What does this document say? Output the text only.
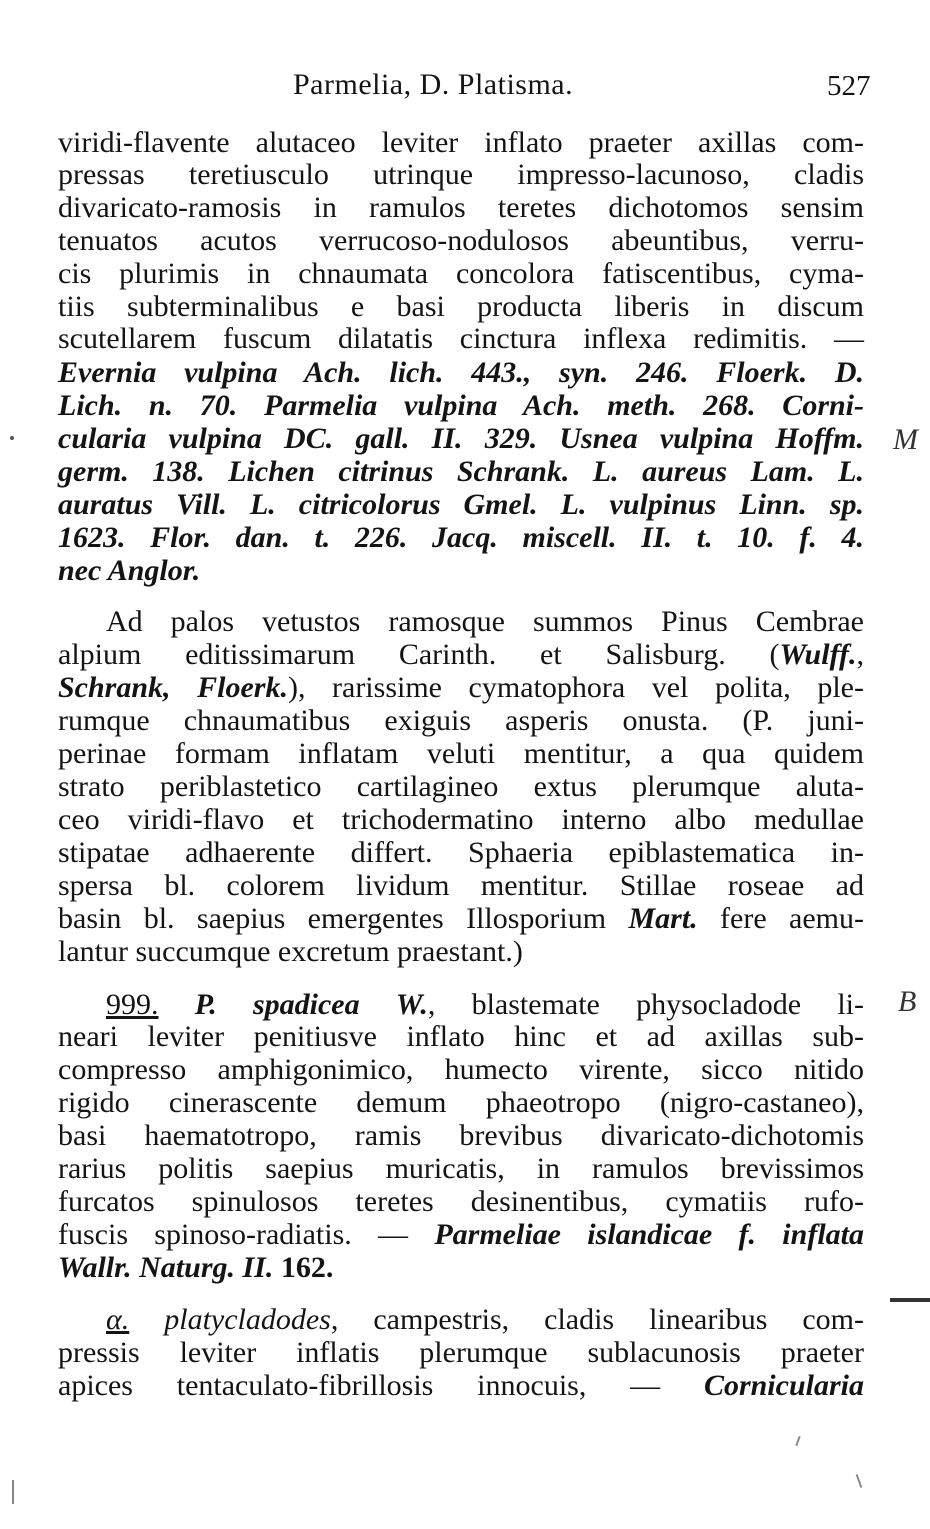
Parmelia, D. Platisma.	527
viridi-flavente alutaceo leviter inflato praeter axillas com-
pressas teretiusculo utrinque impresso-lacunoso, cladis
divaricato-ramosis in ramulos teretes dichotomos sensim
tenuatos acutos verrucoso-nodulosos abeuntibus, verru-
cis plurimis in chnaumata concolora fatiscentibus, cyma-
tiis subterminalibus e basi producta liberis in discum
scutellarem fuscum dilatatis cinctura inflexa redimitis. —
Evernia vulpina Ach. lich. 443., syn. 246. Floerk. D.
Lich. n. 70. Parmelia vulpina Ach. meth. 268. Corni-
cularia vulpina DC. gall. II. 329. Usnea vulpina Hoffm.
germ. 138. Lichen citrinus Schrank. L. aureus Lam. L.
auratus Vill. L. citricolorus Gmel. L. vulpinus Linn. sp.
1623. Flor. dan. t. 226. Jacq. miscell. II. t. 10. f. 4.
nec Anglor.
Ad palos vetustos ramosque summos Pinus Cembrae
alpium editissimarum Carinth. et Salisburg. (Wulff.,
Schrank, Floerk.), rarissime cymatophora vel polita, ple-
rumque chnaumatibus exiguis asperis onusta. (P. juni-
perinae formam inflatam veluti mentitur, a qua quidem
strato periblastetico cartilagineo extus plerumque aluta-
ceo viridi-flavo et trichodermatino interno albo medullae
stipatae adhaerente differt. Sphaeria epiblastematica in-
spersa bl. colorem lividum mentitur. Stillae roseae ad
basin bl. saepius emergentes Illosporium Mart. fere aemu-
lantur succumque excretum praestant.)
999. P. spadicea W., blastemate physocladode li-
neari leviter penitiusve inflato hinc et ad axillas sub-
compresso amphigonimico, humecto virente, sicco nitido
rigido cinerascente demum phaeotropo (nigro-castaneo),
basi haematotropo, ramis brevibus divaricato-dichotomis
rarius politis saepius muricatis, in ramulos brevissimos
furcatos spinulosos teretes desinentibus, cymatiis rufo-
fuscis spinoso-radiatis. — Parmeliae islandicae f. inflata
Wallr. Naturg. II. 162.
α. platycladodes, campestris, cladis linearibus com-
pressis leviter inflatis plerumque sublacunosis praeter
apices tentaculato-fibrillosis innocuis, — Cornicularia
M
B
